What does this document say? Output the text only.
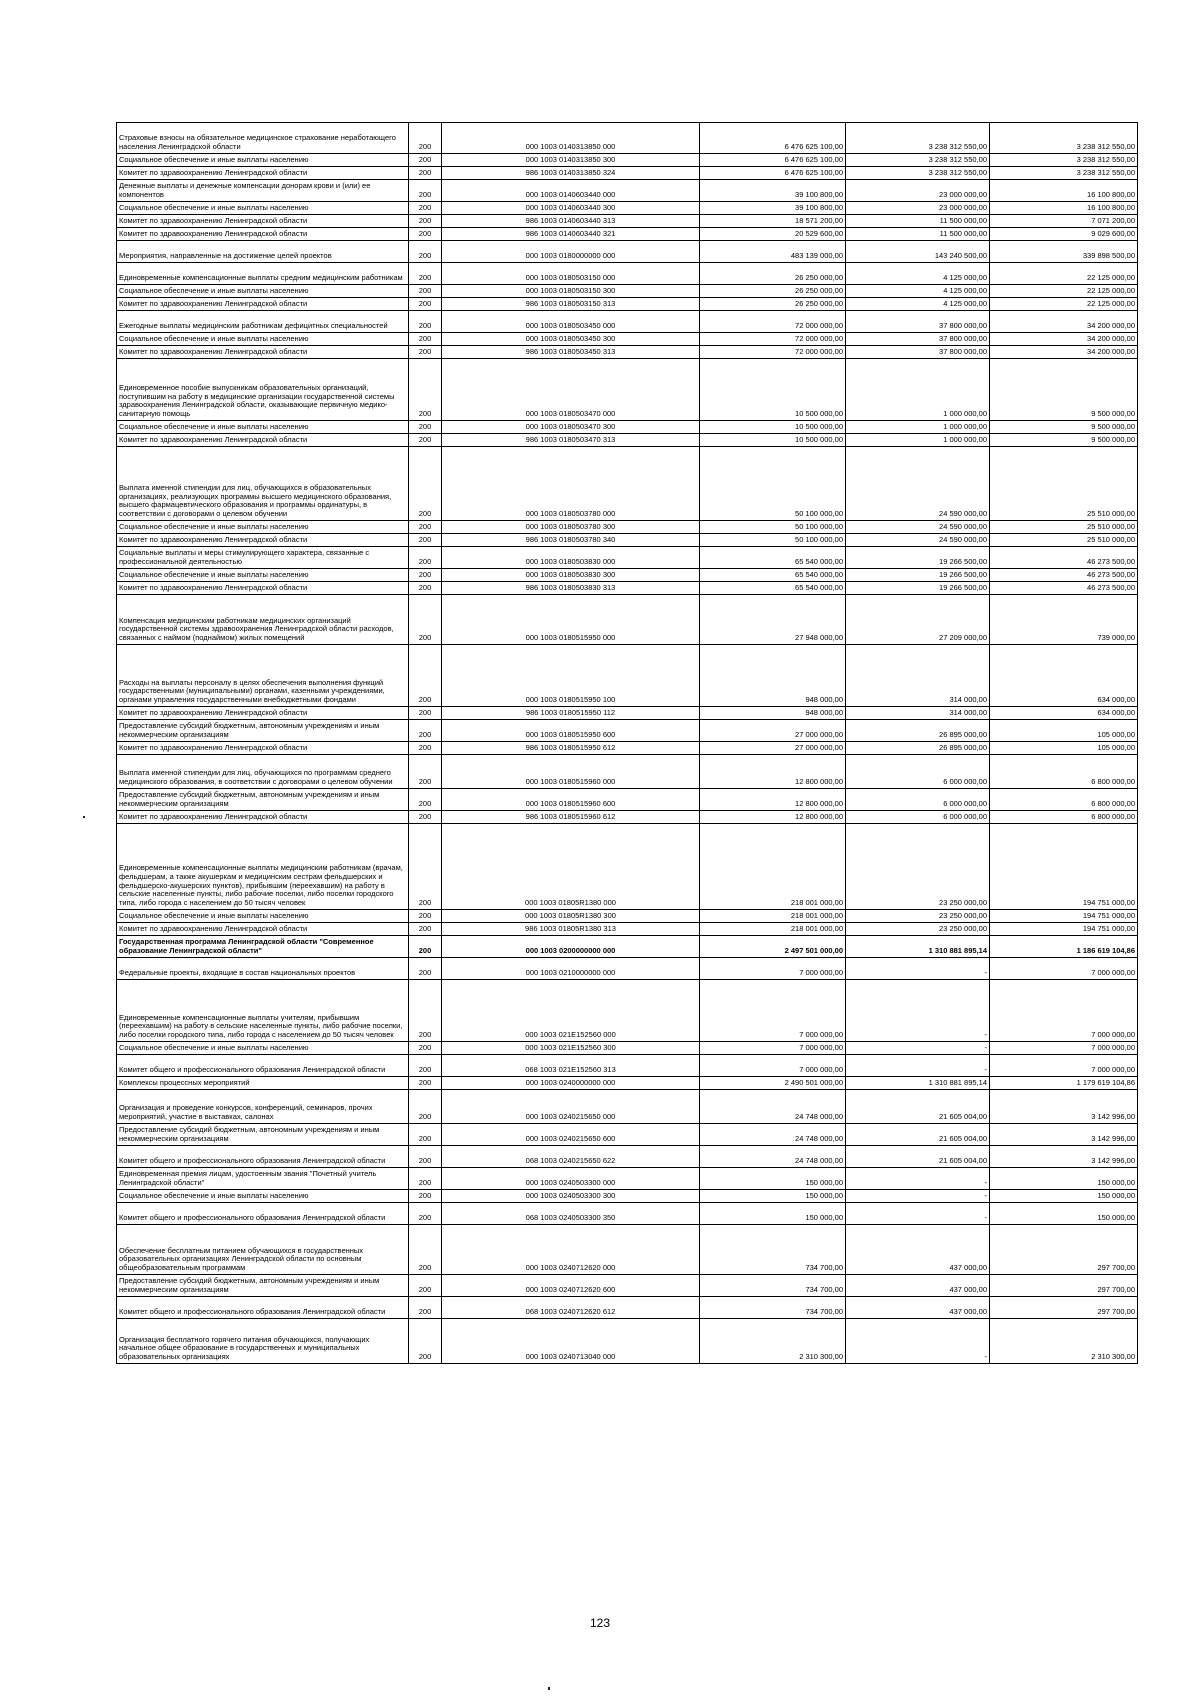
Страховые взносы на обязательное медицинское страхование неработающего населения Ленинградской области	200	000 1003 0140313850 000	6 476 625 100,00	3 238 312 550,00	3 238 312 550,00
Социальное обеспечение и иные выплаты населению	200	000 1003 0140313850 300	6 476 625 100,00	3 238 312 550,00	3 238 312 550,00
Комитет по здравоохранению Ленинградской области	200	986 1003 0140313850 324	6 476 625 100,00	3 238 312 550,00	3 238 312 550,00
Денежные выплаты и денежные компенсации донорам крови и (или) ее компонентов	200	000 1003 0140603440 000	39 100 800,00	23 000 000,00	16 100 800,00
Социальное обеспечение и иные выплаты населению	200	000 1003 0140603440 300	39 100 800,00	23 000 000,00	16 100 800,00
Комитет по здравоохранению Ленинградской области	200	986 1003 0140603440 313	18 571 200,00	11 500 000,00	7 071 200,00
Комитет по здравоохранению Ленинградской области	200	986 1003 0140603440 321	20 529 600,00	11 500 000,00	9 029 600,00
Мероприятия, направленные на достижение целей проектов	200	000 1003 0180000000 000	483 139 000,00	143 240 500,00	339 898 500,00
Единовременные компенсационные выплаты средним медицинским работникам	200	000 1003 0180503150 000	26 250 000,00	4 125 000,00	22 125 000,00
Социальное обеспечение и иные выплаты населению	200	000 1003 0180503150 300	26 250 000,00	4 125 000,00	22 125 000,00
Комитет по здравоохранению Ленинградской области	200	986 1003 0180503150 313	26 250 000,00	4 125 000,00	22 125 000,00
Ежегодные выплаты медицинским работникам дефицитных специальностей	200	000 1003 0180503450 000	72 000 000,00	37 800 000,00	34 200 000,00
Социальное обеспечение и иные выплаты населению	200	000 1003 0180503450 300	72 000 000,00	37 800 000,00	34 200 000,00
Комитет по здравоохранению Ленинградской области	200	986 1003 0180503450 313	72 000 000,00	37 800 000,00	34 200 000,00
Единовременное пособие выпускникам образовательных организаций, поступившим на работу в медицинские организации государственной системы здравоохранения Ленинградской области, оказывающие первичную медико-санитарную помощь	200	000 1003 0180503470 000	10 500 000,00	1 000 000,00	9 500 000,00
Социальное обеспечение и иные выплаты населению	200	000 1003 0180503470 300	10 500 000,00	1 000 000,00	9 500 000,00
Комитет по здравоохранению Ленинградской области	200	986 1003 0180503470 313	10 500 000,00	1 000 000,00	9 500 000,00
Выплата именной стипендии для лиц, обучающихся в образовательных организациях, реализующих программы высшего медицинского образования, высшего фармацевтического образования и программы ординатуры, в соответствии с договорами о целевом обучении	200	000 1003 0180503780 000	50 100 000,00	24 590 000,00	25 510 000,00
Социальное обеспечение и иные выплаты населению	200	000 1003 0180503780 300	50 100 000,00	24 590 000,00	25 510 000,00
Комитет по здравоохранению Ленинградской области	200	986 1003 0180503780 340	50 100 000,00	24 590 000,00	25 510 000,00
Социальные выплаты и меры стимулирующего характера, связанные с профессиональной деятельностью	200	000 1003 0180503830 000	65 540 000,00	19 266 500,00	46 273 500,00
Социальное обеспечение и иные выплаты населению	200	000 1003 0180503830 300	65 540 000,00	19 266 500,00	46 273 500,00
Комитет по здравоохранению Ленинградской области	200	986 1003 0180503830 313	65 540 000,00	19 266 500,00	46 273 500,00
Компенсация медицинским работникам медицинских организаций государственной системы здравоохранения Ленинградской области расходов, связанных с наймом (поднаймом) жилых помещений	200	000 1003 0180515950 000	27 948 000,00	27 209 000,00	739 000,00
Расходы на выплаты персоналу в целях обеспечения выполнения функций государственными (муниципальными) органами, казенными учреждениями, органами управления государственными внебюджетными фондами	200	000 1003 0180515950 100	948 000,00	314 000,00	634 000,00
Комитет по здравоохранению Ленинградской области	200	986 1003 0180515950 112	948 000,00	314 000,00	634 000,00
Предоставление субсидий бюджетным, автономным учреждениям и иным некоммерческим организациям	200	000 1003 0180515950 600	27 000 000,00	26 895 000,00	105 000,00
Комитет по здравоохранению Ленинградской области	200	986 1003 0180515950 612	27 000 000,00	26 895 000,00	105 000,00
Выплата именной стипендии для лиц, обучающихся по программам среднего медицинского образования, в соответствии с договорами о целевом обучении	200	000 1003 0180515960 000	12 800 000,00	6 000 000,00	6 800 000,00
Предоставление субсидий бюджетным, автономным учреждениям и иным некоммерческим организациям	200	000 1003 0180515960 600	12 800 000,00	6 000 000,00	6 800 000,00
Комитет по здравоохранению Ленинградской области	200	986 1003 0180515960 612	12 800 000,00	6 000 000,00	6 800 000,00
Единовременные компенсационные выплаты медицинским работникам (врачам, фельдшерам, а также акушеркам и медицинским сестрам фельдшерских и фельдшерско-акушерских пунктов), прибывшим (переехавшим) на работу в сельские населенные пункты, либо рабочие поселки, либо поселки городского типа, либо города с населением до 50 тысяч человек	200	000 1003 01805R1380 000	218 001 000,00	23 250 000,00	194 751 000,00
Социальное обеспечение и иные выплаты населению	200	000 1003 01805R1380 300	218 001 000,00	23 250 000,00	194 751 000,00
Комитет по здравоохранению Ленинградской области	200	986 1003 01805R1380 313	218 001 000,00	23 250 000,00	194 751 000,00
Государственная программа Ленинградской области "Современное образование Ленинградской области"	200	000 1003 0200000000 000	2 497 501 000,00	1 310 881 895,14	1 186 619 104,86
Федеральные проекты, входящие в состав национальных проектов	200	000 1003 0210000000 000	7 000 000,00	-	7 000 000,00
Единовременные компенсационные выплаты учителям, прибывшим (переехавшим) на работу в сельские населенные пункты, либо рабочие поселки, либо поселки городского типа, либо города с населением до 50 тысяч человек	200	000 1003 021E152560 000	7 000 000,00	-	7 000 000,00
Социальное обеспечение и иные выплаты населению	200	000 1003 021E152560 300	7 000 000,00	-	7 000 000,00
Комитет общего и профессионального образования Ленинградской области	200	068 1003 021E152560 313	7 000 000,00	-	7 000 000,00
Комплексы процессных мероприятий	200	000 1003 0240000000 000	2 490 501 000,00	1 310 881 895,14	1 179 619 104,86
Организация и проведение конкурсов, конференций, семинаров, прочих мероприятий, участие в выставках, салонах	200	000 1003 0240215650 000	24 748 000,00	21 605 004,00	3 142 996,00
Предоставление субсидий бюджетным, автономным учреждениям и иным некоммерческим организациям	200	000 1003 0240215650 600	24 748 000,00	21 605 004,00	3 142 996,00
Комитет общего и профессионального образования Ленинградской области	200	068 1003 0240215650 622	24 748 000,00	21 605 004,00	3 142 996,00
Единовременная премия лицам, удостоенным звания "Почетный учитель Ленинградской области"	200	000 1003 0240503300 000	150 000,00	-	150 000,00
Социальное обеспечение и иные выплаты населению	200	000 1003 0240503300 300	150 000,00	-	150 000,00
Комитет общего и профессионального образования Ленинградской области	200	068 1003 0240503300 350	150 000,00	-	150 000,00
Обеспечение бесплатным питанием обучающихся в государственных образовательных организациях Ленинградской области по основным общеобразовательным программам	200	000 1003 0240712620 000	734 700,00	437 000,00	297 700,00
Предоставление субсидий бюджетным, автономным учреждениям и иным некоммерческим организациям	200	000 1003 0240712620 600	734 700,00	437 000,00	297 700,00
Комитет общего и профессионального образования Ленинградской области	200	068 1003 0240712620 612	734 700,00	437 000,00	297 700,00
Организация бесплатного горячего питания обучающихся, получающих начальное общее образование в государственных и муниципальных образовательных организациях	200	000 1003 0240713040 000	2 310 300,00	-	2 310 300,00
123
